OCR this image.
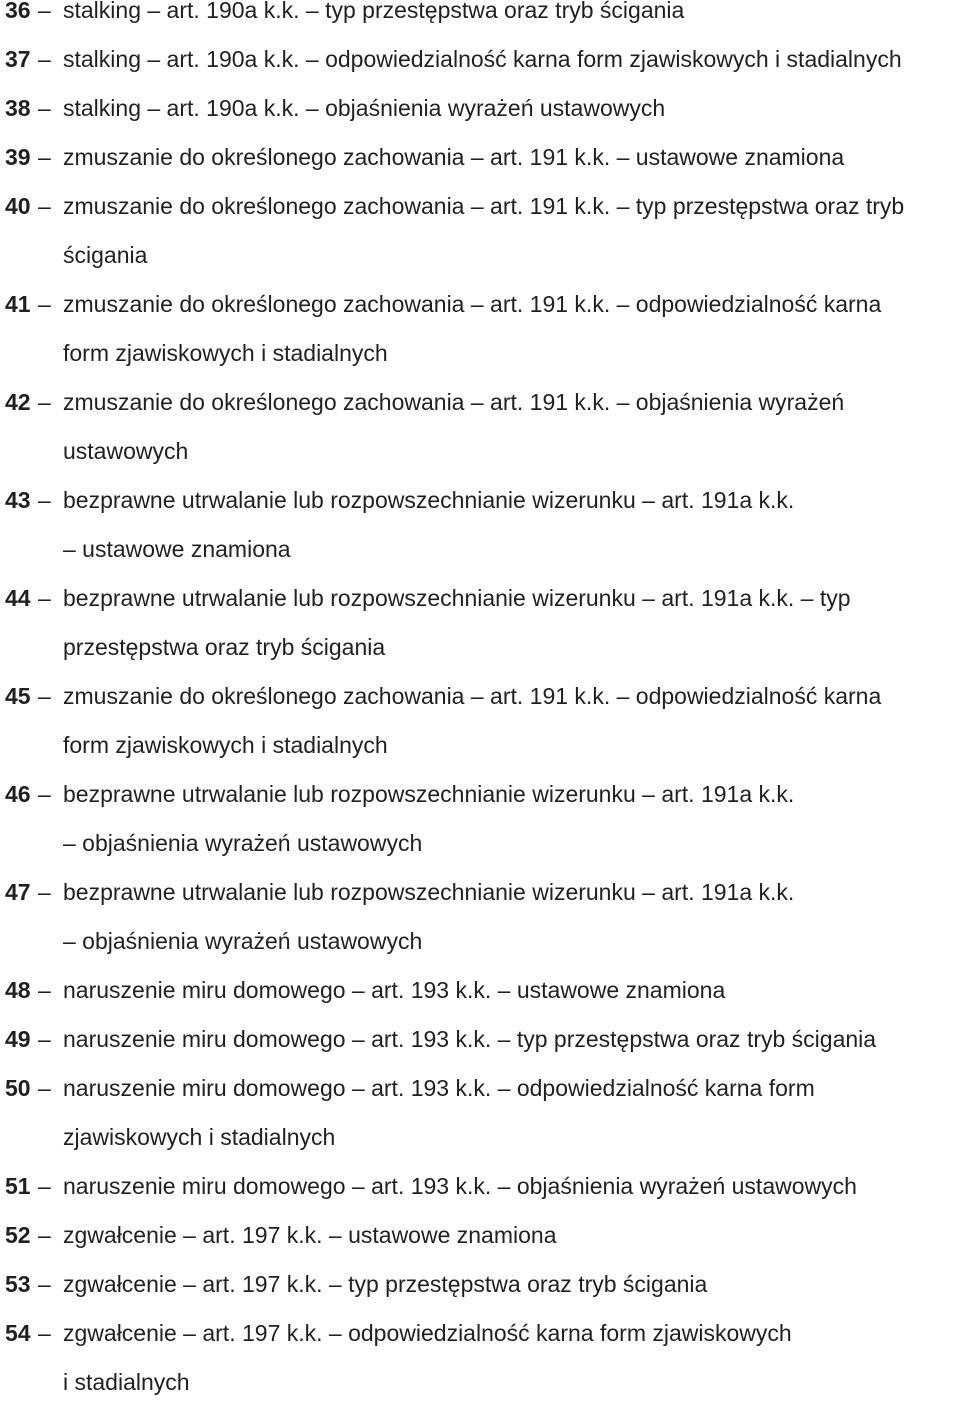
36 – stalking – art. 190a k.k. – typ przestępstwa oraz tryb ścigania
37 – stalking – art. 190a k.k. – odpowiedzialność karna form zjawiskowych i stadialnych
38 – stalking – art. 190a k.k. – objaśnienia wyrażeń ustawowych
39 – zmuszanie do określonego zachowania – art. 191 k.k. – ustawowe znamiona
40 – zmuszanie do określonego zachowania – art. 191 k.k. – typ przestępstwa oraz tryb
ścigania
41 – zmuszanie do określonego zachowania – art. 191 k.k. – odpowiedzialność karna
form zjawiskowych i stadialnych
42 – zmuszanie do określonego zachowania – art. 191 k.k. – objaśnienia wyrażeń
ustawowych
43 – bezprawne utrwalanie lub rozpowszechnianie wizerunku – art. 191a k.k.
– ustawowe znamiona
44 – bezprawne utrwalanie lub rozpowszechnianie wizerunku – art. 191a k.k. – typ
przestępstwa oraz tryb ścigania
45 – zmuszanie do określonego zachowania – art. 191 k.k. – odpowiedzialność karna
form zjawiskowych i stadialnych
46 – bezprawne utrwalanie lub rozpowszechnianie wizerunku – art. 191a k.k.
– objaśnienia wyrażeń ustawowych
47 – bezprawne utrwalanie lub rozpowszechnianie wizerunku – art. 191a k.k.
– objaśnienia wyrażeń ustawowych
48 – naruszenie miru domowego – art. 193 k.k. – ustawowe znamiona
49 – naruszenie miru domowego – art. 193 k.k. – typ przestępstwa oraz tryb ścigania
50 – naruszenie miru domowego – art. 193 k.k. – odpowiedzialność karna form
zjawiskowych i stadialnych
51 – naruszenie miru domowego – art. 193 k.k. – objaśnienia wyrażeń ustawowych
52 – zgwałcenie – art. 197 k.k. – ustawowe znamiona
53 – zgwałcenie – art. 197 k.k. – typ przestępstwa oraz tryb ścigania
54 – zgwałcenie – art. 197 k.k. – odpowiedzialność karna form zjawiskowych
i stadialnych
